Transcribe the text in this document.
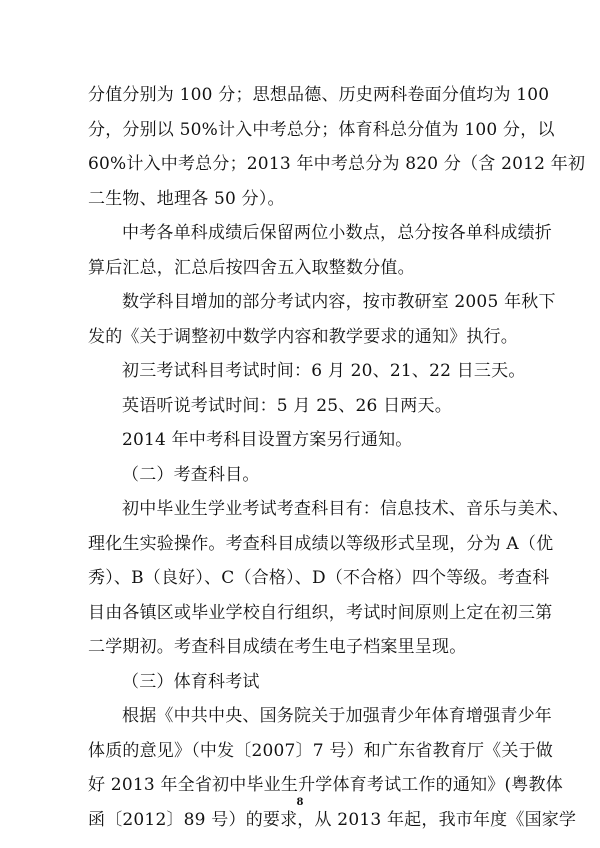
分值分别为 100 分；思想品德、历史两科卷面分值均为 100
分，分别以 50%计入中考总分；体育科总分值为 100 分，以
60%计入中考总分；2013 年中考总分为 820 分（含 2012 年初
二生物、地理各 50 分）。
中考各单科成绩后保留两位小数点，总分按各单科成绩折
算后汇总，汇总后按四舍五入取整数分值。
数学科目增加的部分考试内容，按市教研室 2005 年秋下
发的《关于调整初中数学内容和教学要求的通知》执行。
初三考试科目考试时间：6 月 20、21、22 日三天。
英语听说考试时间：5 月 25、26 日两天。
2014 年中考科目设置方案另行通知。
（二）考查科目。
初中毕业生学业考试考查科目有：信息技术、音乐与美术、
理化生实验操作。考查科目成绩以等级形式呈现，分为 A（优
秀）、B（良好）、C（合格）、D（不合格）四个等级。考查科
目由各镇区或毕业学校自行组织，考试时间原则上定在初三第
二学期初。考查科目成绩在考生电子档案里呈现。
（三）体育科考试
根据《中共中央、国务院关于加强青少年体育增强青少年
体质的意见》（中发〔2007〕7 号）和广东省教育厅《关于做
好 2013 年全省初中毕业生升学体育考试工作的通知》(粤教体
函〔2012〕89 号）的要求，从 2013 年起，我市年度《国家学
8
